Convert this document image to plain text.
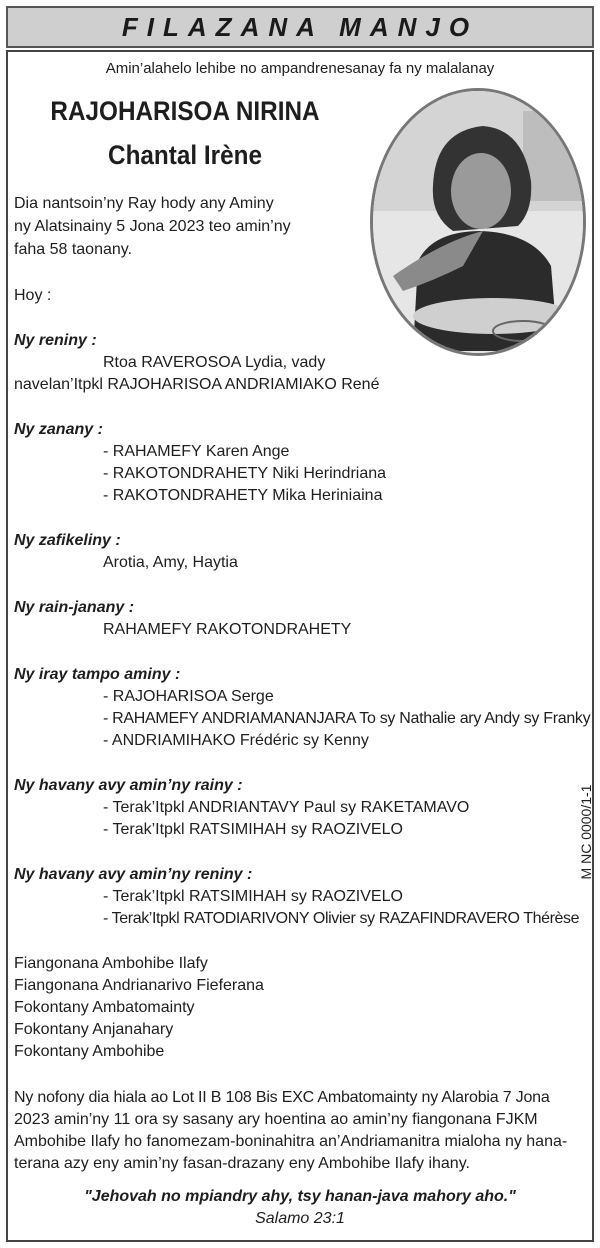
FILAZANA MANJO
Amin’alahelo lehibe no ampandrenesanay fa ny malalanay
RAJOHARISOA NIRINA
Chantal Irène
Dia nantsoin’ny Ray hody any Aminy
ny Alatsinainy 5 Jona 2023 teo amin’ny
faha 58 taonany.
Hoy :
Ny reniny :
Rtoa RAVEROSOA Lydia, vady
navelan’Itpkl RAJOHARISOA ANDRIAMIAKO René
Ny zanany :
- RAHAMEFY Karen Ange
- RAKOTONDRAHETY Niki Herindriana
- RAKOTONDRAHETY Mika Heriniaina
Ny zafikeliny :
Arotia, Amy, Haytia
Ny rain-janany :
RAHAMEFY RAKOTONDRAHETY
Ny iray tampo aminy :
- RAJOHARISOA Serge
- RAHAMEFY ANDRIAMANANJARA To sy Nathalie ary Andy sy Franky
- ANDRIAMIHAKO Frédéric sy Kenny
Ny havany avy amin’ny rainy :
- Terak’Itpkl ANDRIANTAVY Paul sy RAKETAMAVO
- Terak’Itpkl RATSIMIHAH sy RAOZIVELO
Ny havany avy amin’ny reniny :
- Terak’Itpkl RATSIMIHAH sy RAOZIVELO
- Terak’Itpkl RATODIARIVONY Olivier sy RAZAFINDRAVERO Thérèse
Fiangonana Ambohibe Ilafy
Fiangonana Andrianarivo Fieferana
Fokontany Ambatomainty
Fokontany Anjanahary
Fokontany Ambohibe
Ny nofony dia hiala ao Lot II B 108 Bis EXC Ambatomainty ny Alarobia 7 Jona
2023 amin’ny 11 ora sy sasany ary hoentina ao amin’ny fiangonana FJKM
Ambohibe Ilafy ho fanomezam-boninahitra an’Andriamanitra mialoha ny hana-
terana azy eny amin’ny fasan-drazany eny Ambohibe Ilafy ihany.
"Jehovah no mpiandry ahy, tsy hanan-java mahory aho."
Salamo 23:1
M NC 0000/1-1
